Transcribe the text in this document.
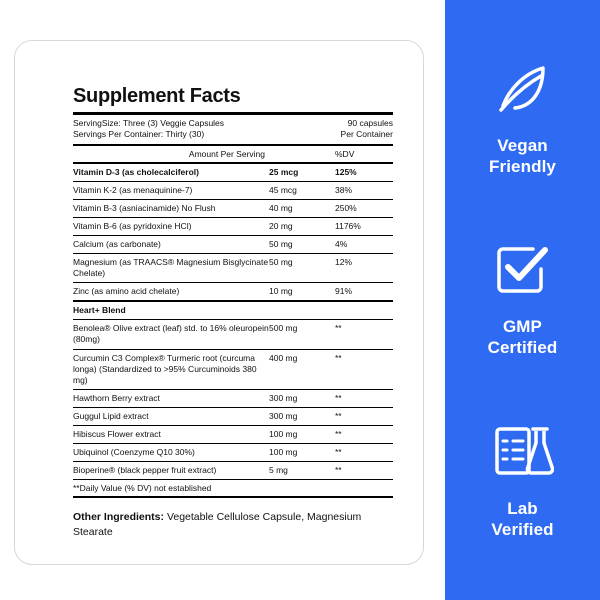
Supplement Facts
ServingSize: Three (3) Veggie Capsules
Servings Per Container: Thirty (30)
90 capsules
Per Container
Amount Per Serving		%DV
Vitamin D-3 (as cholecalciferol)	25 mcg	125%
Vitamin K-2 (as menaquinine-7)	45 mcg	38%
Vitamin B-3 (asniacinamide) No Flush	40 mg	250%
Vitamin B-6 (as pyridoxine HCl)	20 mg	1176%
Calcium (as carbonate)	50 mg	4%
Magnesium (as TRAACS® Magnesium Bisglycinate Chelate)	50 mg	12%
Zinc (as amino acid chelate)	10 mg	91%
Heart+ Blend		
Benolea® Olive extract (leaf) std. to 16% oleuropein (80mg)	500 mg	**
Curcumin C3 Complex® Turmeric root (curcuma longa) (Standardized to >95% Curcuminoids 380 mg)	400 mg	**
Hawthorn Berry extract	300 mg	**
Guggul Lipid extract	300 mg	**
Hibiscus Flower extract	100 mg	**
Ubiquinol (Coenzyme Q10 30%)	100 mg	**
Bioperine® (black pepper fruit extract)	5 mg	**
**Daily Value (% DV) not established
Other Ingredients: Vegetable Cellulose Capsule, Magnesium Stearate
Vegan
Friendly
GMP
Certified
Lab
Verified
